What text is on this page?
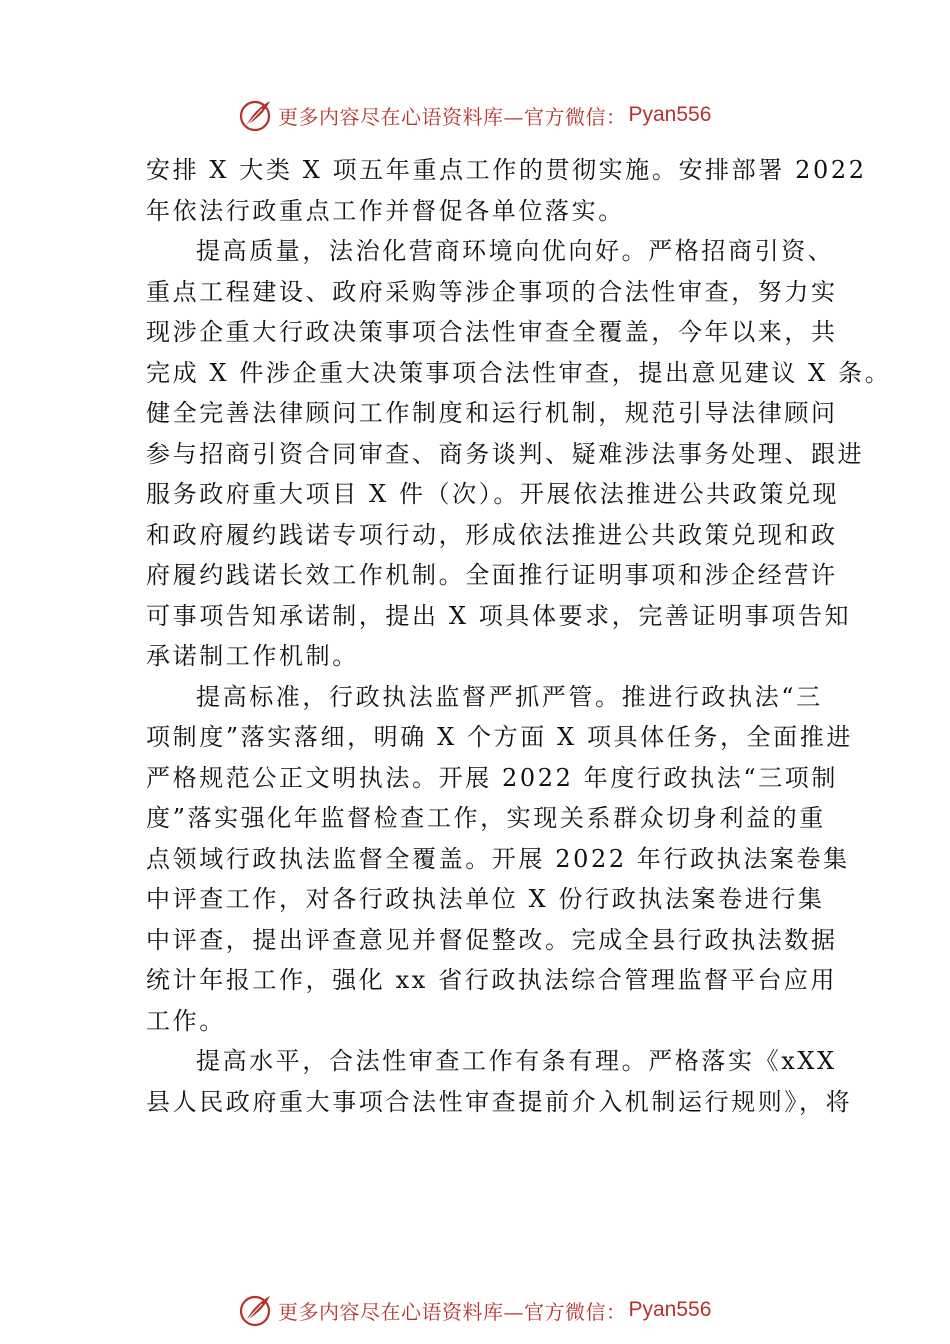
更多内容尽在心语资料库—官方微信： Pyan556
安排 X 大类 X 项五年重点工作的贯彻实施。安排部署 2022
年依法行政重点工作并督促各单位落实。
提高质量，法治化营商环境向优向好。严格招商引资、
重点工程建设、政府采购等涉企事项的合法性审查，努力实
现涉企重大行政决策事项合法性审查全覆盖，今年以来，共
完成 X 件涉企重大决策事项合法性审查，提出意见建议 X 条。
健全完善法律顾问工作制度和运行机制，规范引导法律顾问
参与招商引资合同审查、商务谈判、疑难涉法事务处理、跟进
服务政府重大项目 X 件（次）。开展依法推进公共政策兑现
和政府履约践诺专项行动，形成依法推进公共政策兑现和政
府履约践诺长效工作机制。全面推行证明事项和涉企经营许
可事项告知承诺制，提出 X 项具体要求，完善证明事项告知
承诺制工作机制。
提高标准，行政执法监督严抓严管。推进行政执法“三
项制度”落实落细，明确 X 个方面 X 项具体任务，全面推进
严格规范公正文明执法。开展 2022 年度行政执法“三项制
度”落实强化年监督检查工作，实现关系群众切身利益的重
点领域行政执法监督全覆盖。开展 2022 年行政执法案卷集
中评查工作，对各行政执法单位 X 份行政执法案卷进行集
中评查，提出评查意见并督促整改。完成全县行政执法数据
统计年报工作，强化 xx 省行政执法综合管理监督平台应用
工作。
提高水平，合法性审查工作有条有理。严格落实《xXX
县人民政府重大事项合法性审查提前介入机制运行规则》，将
更多内容尽在心语资料库—官方微信： Pyan556
